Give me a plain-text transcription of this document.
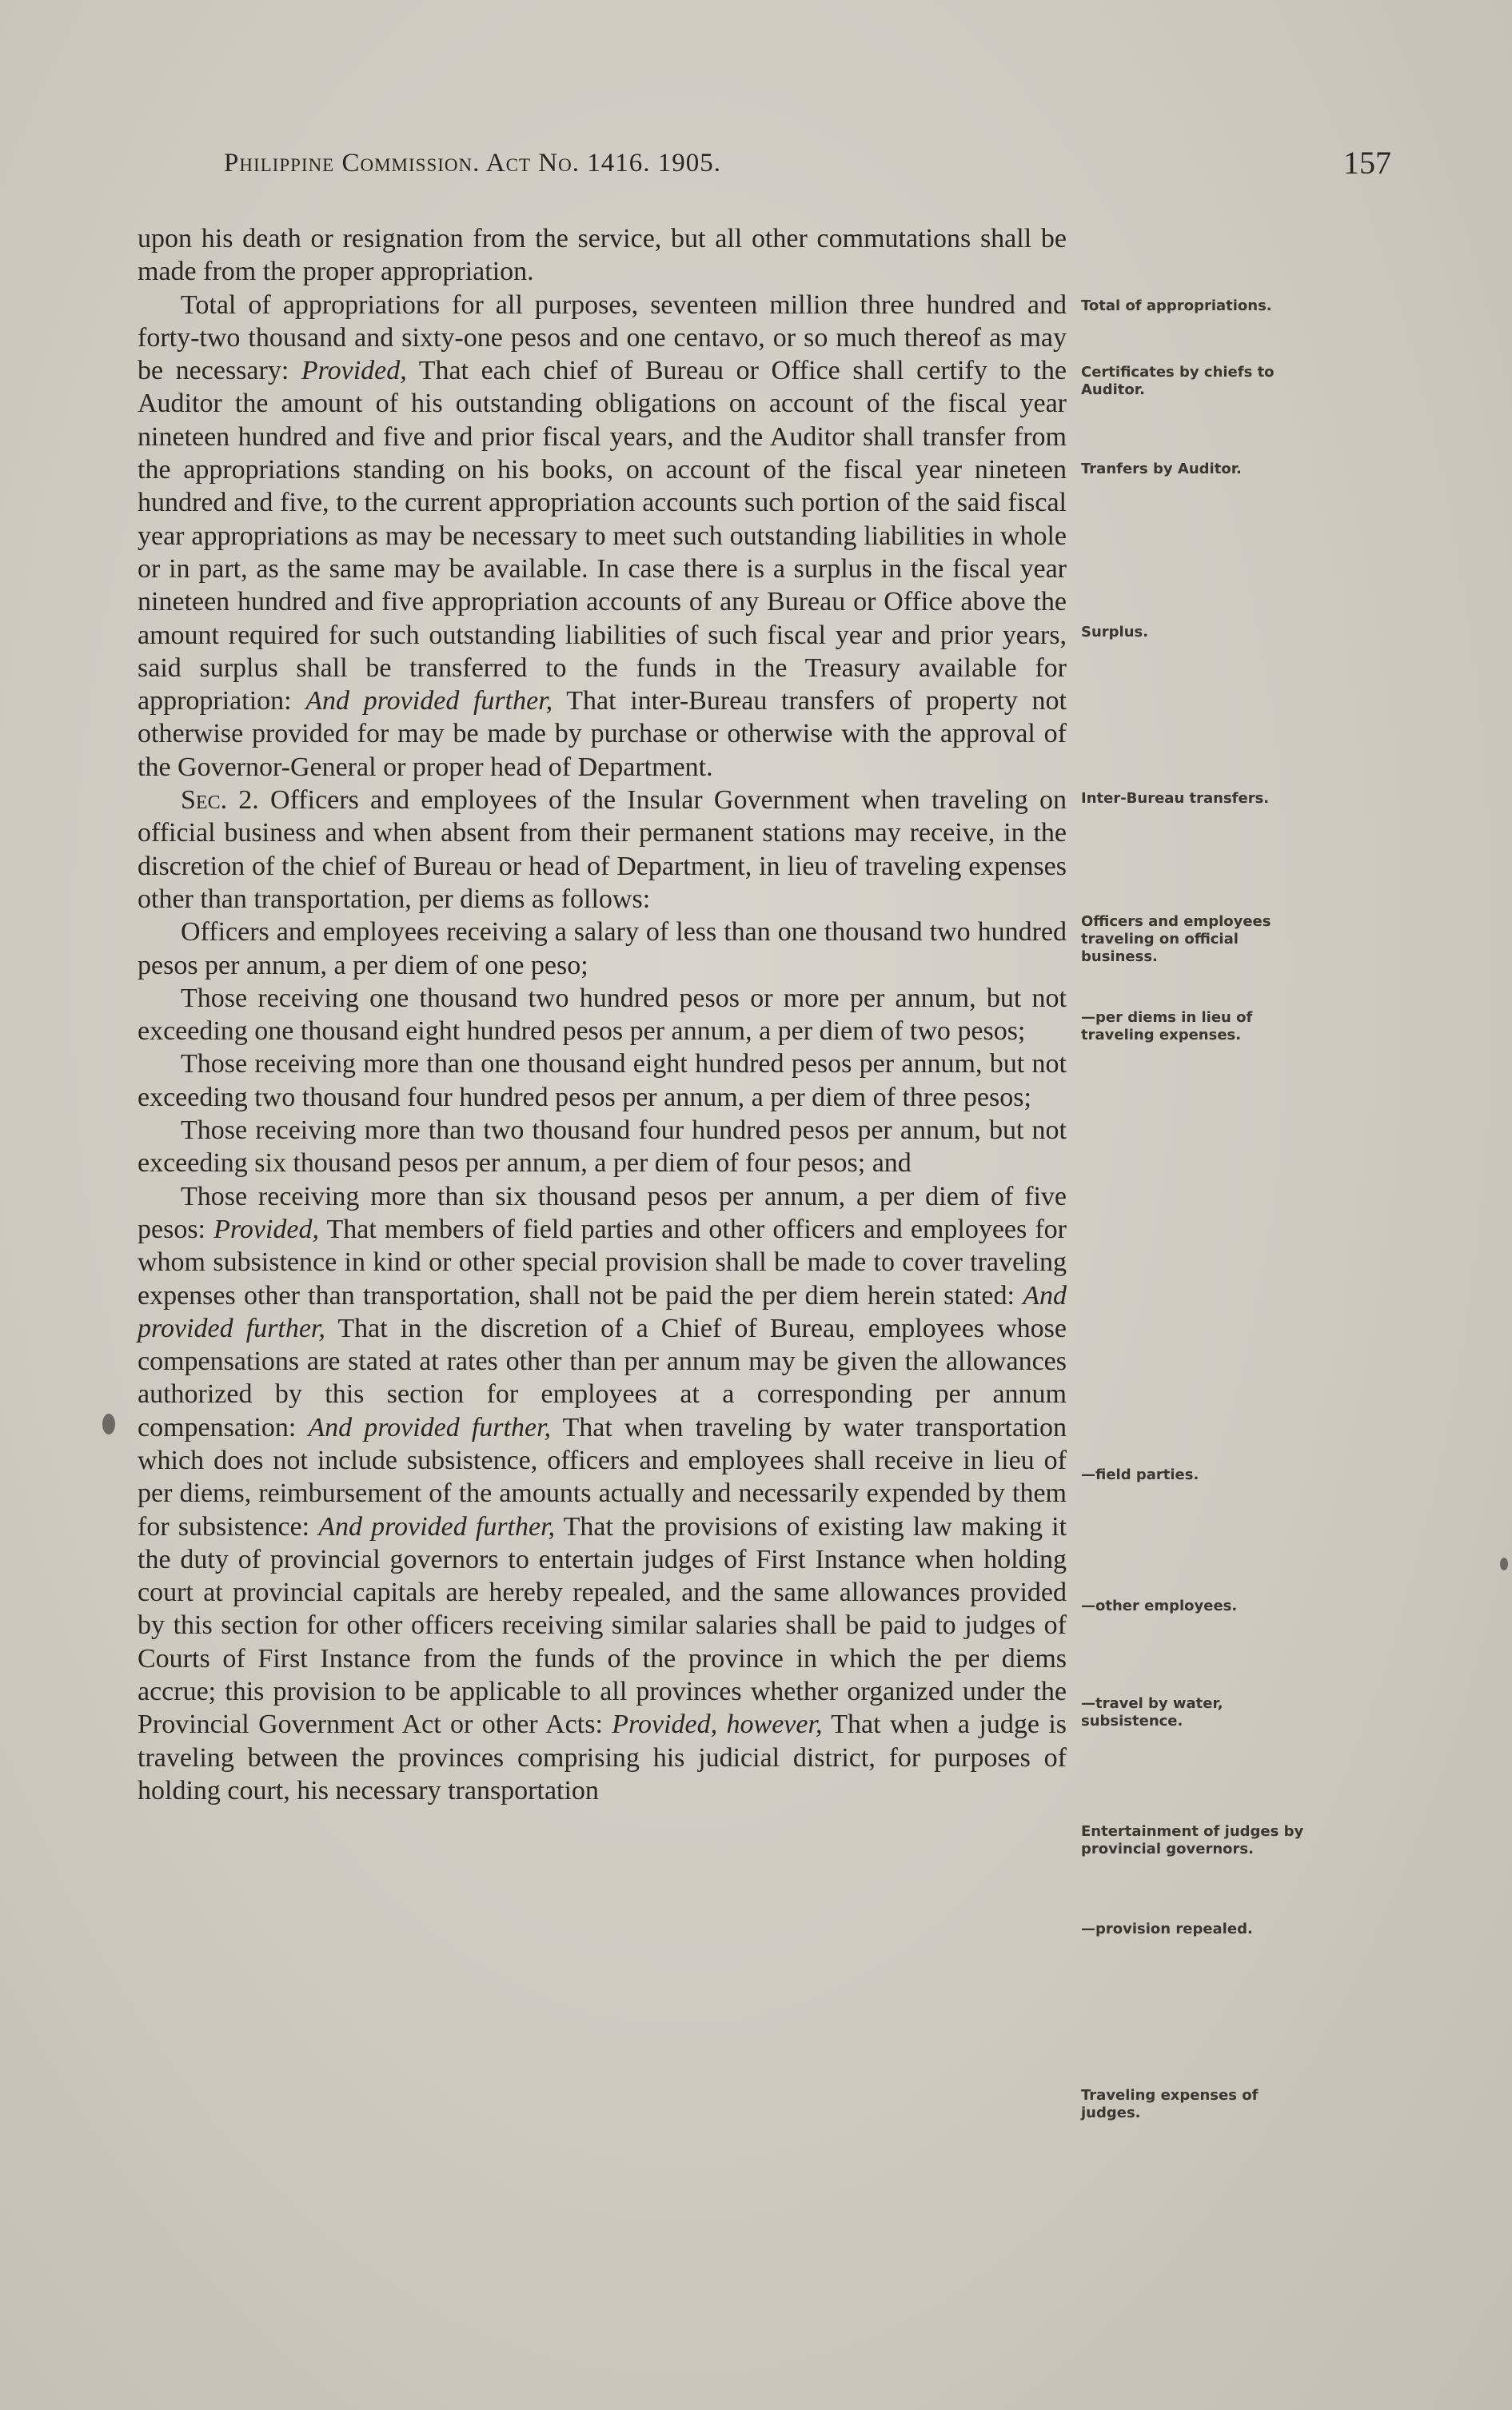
Philippine Commission. Act No. 1416. 1905.	157

upon his death or resignation from the service, but all other commutations shall be made from the proper appropriation.

Total of appropriations for all purposes, seventeen million three hundred and forty-two thousand and sixty-one pesos and one centavo, or so much thereof as may be necessary: Provided, That each chief of Bureau or Office shall certify to the Auditor the amount of his outstanding obligations on account of the fiscal year nineteen hundred and five and prior fiscal years, and the Auditor shall transfer from the appropriations standing on his books, on account of the fiscal year nineteen hundred and five, to the current appropriation accounts such portion of the said fiscal year appropriations as may be necessary to meet such outstanding liabilities in whole or in part, as the same may be available. In case there is a surplus in the fiscal year nineteen hundred and five appropriation accounts of any Bureau or Office above the amount required for such outstanding liabilities of such fiscal year and prior years, said surplus shall be transferred to the funds in the Treasury available for appropriation: And provided further, That inter-Bureau transfers of property not otherwise provided for may be made by purchase or otherwise with the approval of the Governor-General or proper head of Department.

Sec. 2. Officers and employees of the Insular Government when traveling on official business and when absent from their permanent stations may receive, in the discretion of the chief of Bureau or head of Department, in lieu of traveling expenses other than transportation, per diems as follows:

Officers and employees receiving a salary of less than one thousand two hundred pesos per annum, a per diem of one peso;

Those receiving one thousand two hundred pesos or more per annum, but not exceeding one thousand eight hundred pesos per annum, a per diem of two pesos;

Those receiving more than one thousand eight hundred pesos per annum, but not exceeding two thousand four hundred pesos per annum, a per diem of three pesos;

Those receiving more than two thousand four hundred pesos per annum, but not exceeding six thousand pesos per annum, a per diem of four pesos; and

Those receiving more than six thousand pesos per annum, a per diem of five pesos: Provided, That members of field parties and other officers and employees for whom subsistence in kind or other special provision shall be made to cover traveling expenses other than transportation, shall not be paid the per diem herein stated: And provided further, That in the discretion of a Chief of Bureau, employees whose compensations are stated at rates other than per annum may be given the allowances authorized by this section for employees at a corresponding per annum compensation: And provided further, That when traveling by water transportation which does not include subsistence, officers and employees shall receive in lieu of per diems, reimbursement of the amounts actually and necessarily expended by them for subsistence: And provided further, That the provisions of existing law making it the duty of provincial governors to entertain judges of First Instance when holding court at provincial capitals are hereby repealed, and the same allowances provided by this section for other officers receiving similar salaries shall be paid to judges of Courts of First Instance from the funds of the province in which the per diems accrue; this provision to be applicable to all provinces whether organized under the Provincial Government Act or other Acts: Provided, however, That when a judge is traveling between the provinces comprising his judicial district, for purposes of holding court, his necessary transportation

Total of appropriations.
Certificates by chiefs to Auditor.
Tranfers by Auditor.
Surplus.
Inter-Bureau transfers.
Officers and employees traveling on official business.
—per diems in lieu of traveling expenses.
—field parties.
—other employees.
—travel by water, subsistence.
Entertainment of judges by provincial governors.
—provision repealed.
Traveling expenses of judges.
